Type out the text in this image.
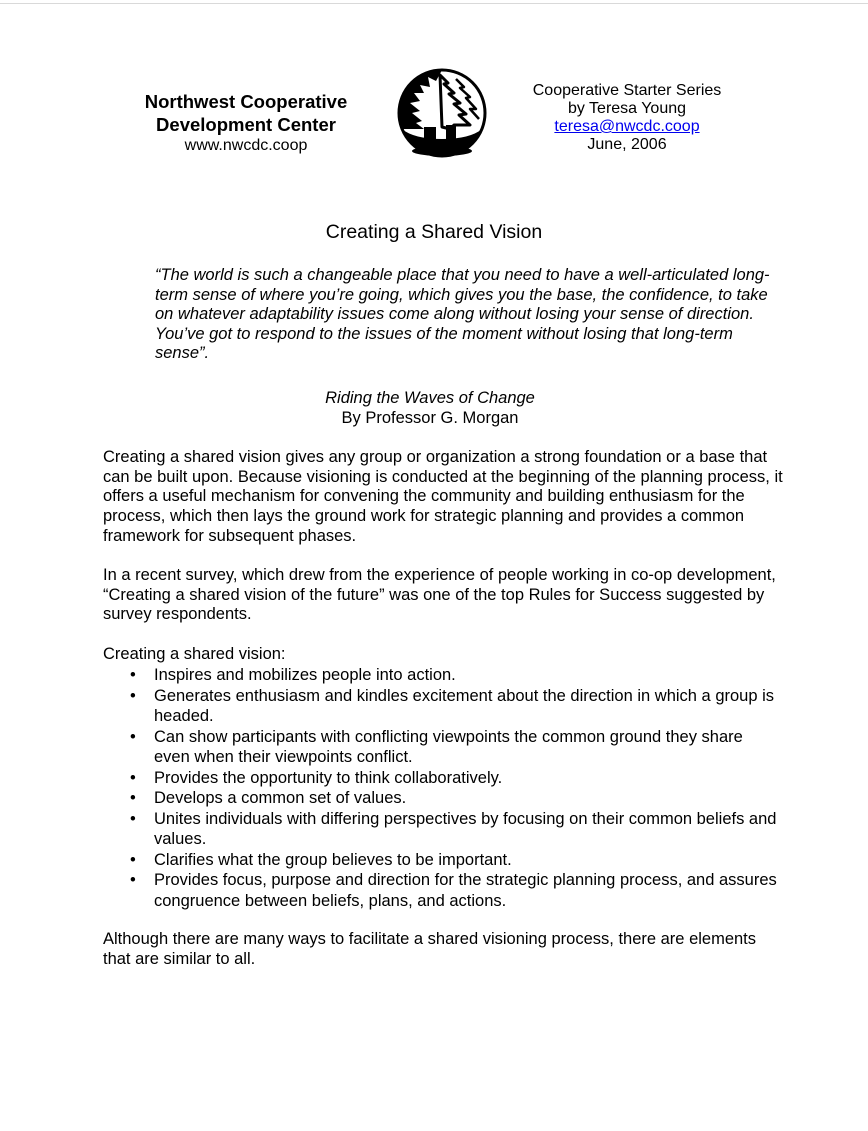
Northwest Cooperative
Development Center
www.nwcdc.coop
Cooperative Starter Series
by Teresa Young
teresa@nwcdc.coop
June, 2006
Creating a Shared Vision
“The world is such a changeable place that you need to have a well-articulated long-term sense of where you’re going, which gives you the base, the confidence, to take on whatever adaptability issues come along without losing your sense of direction. You’ve got to respond to the issues of the moment without losing that long-term sense”.
Riding the Waves of Change
By Professor G. Morgan
Creating a shared vision gives any group or organization a strong foundation or a base that can be built upon. Because visioning is conducted at the beginning of the planning process, it offers a useful mechanism for convening the community and building enthusiasm for the process, which then lays the ground work for strategic planning and provides a common framework for subsequent phases.
In a recent survey, which drew from the experience of people working in co-op development, “Creating a shared vision of the future” was one of the top Rules for Success suggested by survey respondents.
Creating a shared vision:
• Inspires and mobilizes people into action.
• Generates enthusiasm and kindles excitement about the direction in which a group is headed.
• Can show participants with conflicting viewpoints the common ground they share even when their viewpoints conflict.
• Provides the opportunity to think collaboratively.
• Develops a common set of values.
• Unites individuals with differing perspectives by focusing on their common beliefs and values.
• Clarifies what the group believes to be important.
• Provides focus, purpose and direction for the strategic planning process, and assures congruence between beliefs, plans, and actions.
Although there are many ways to facilitate a shared visioning process, there are elements that are similar to all.
